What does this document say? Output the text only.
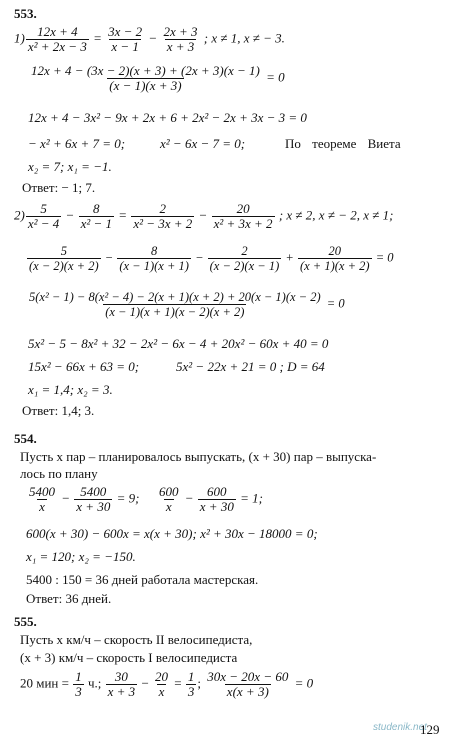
553.
$1) \frac{12x + 4}{\text{x² + 2x − 3}} = \frac{3x - 2}{x - 1} - \frac{2x + 3}{x + 3}$ ; x ≠ 1, x ≠ − 3.
$\frac{12x + 4 - (3x - 2)(x + 3) + (2x + 3)(x - 1)}{(x - 1)(x + 3)} = 0$
12x + 4 − 3x² − 9x + 2x + 6 + 2x² − 2x + 3x − 3 = 0
− x² + 6x + 7 = 0;	x² − 6x − 7 = 0;	По теореме Виета
x₂ = 7; x₁ = −1.
Ответ: − 1; 7.
$2) \frac{5}{\text{x² − 4}} - \frac{8}{\text{x² − 1}} = \frac{2}{\text{x² − 3x + 2}} - \frac{20}{\text{x² + 3x + 2}}$ ; x ≠ 2, x ≠ − 2, x ≠ 1;
$\frac{5}{(x - 2)(x + 2)} - \frac{8}{(x - 1)(x + 1)} - \frac{2}{(x - 2)(x - 1)} + \frac{20}{(x + 1)(x + 2)} = 0$
$\frac{\text{5(x² − 1) − 8(x² − 4) − 2(x + 1)(x + 2) + 20(x − 1)(x − 2)}}{(x - 1)(x + 1)(x - 2)(x + 2)} = 0$
5x² − 5 − 8x² + 32 − 2x² − 6x − 4 + 20x² − 60x + 40 = 0
15x² − 66x + 63 = 0;	5x² − 22x + 21 = 0 ; D = 64
x₁ = 1,4; x₂ = 3.
Ответ: 1,4; 3.
554.
Пусть x пар – планировалось выпускать, (x + 30) пар – выпуска-
лось по плану
$\frac{5400}{x} - \frac{5400}{x + 30} = 9$; $\frac{600}{x} - \frac{600}{x + 30} = 1$;
600(x + 30) − 600x = x(x + 30); x² + 30x − 18000 = 0;
x₁ = 120; x₂ = −150.
5400 : 150 = 36 дней работала мастерская.
Ответ: 36 дней.
555.
Пусть x км/ч – скорость II велосипедиста,
(x + 3) км/ч – скорость I велосипедиста
20 мин = $\frac{1}{3} ч$.; $\frac{30}{x + 3} - \frac{20}{x} = \frac{1}{3}$ ; $\frac{30x - 20x - 60}{x(x + 3)} = 0$
studenik.net
129
